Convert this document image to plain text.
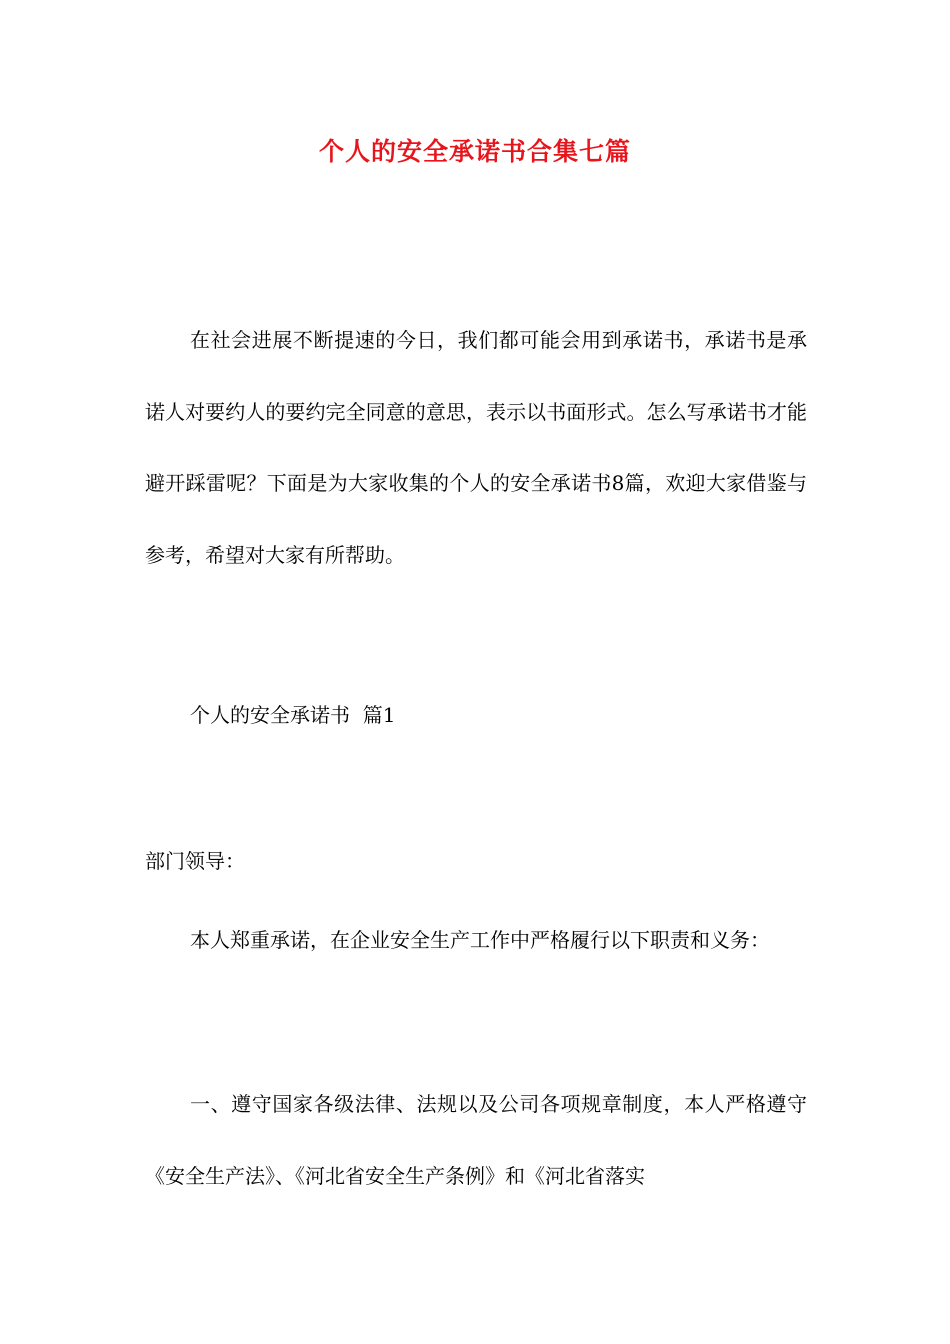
个人的安全承诺书合集七篇

在社会进展不断提速的今日，我们都可能会用到承诺书，承诺书是承诺人对要约人的要约完全同意的意思，表示以书面形式。怎么写承诺书才能避开踩雷呢？下面是为大家收集的个人的安全承诺书8篇，欢迎大家借鉴与参考，希望对大家有所帮助。

个人的安全承诺书  篇1

部门领导：

本人郑重承诺，在企业安全生产工作中严格履行以下职责和义务：

一、遵守国家各级法律、法规以及公司各项规章制度，本人严格遵守《安全生产法》、《河北省安全生产条例》和《河北省落实
